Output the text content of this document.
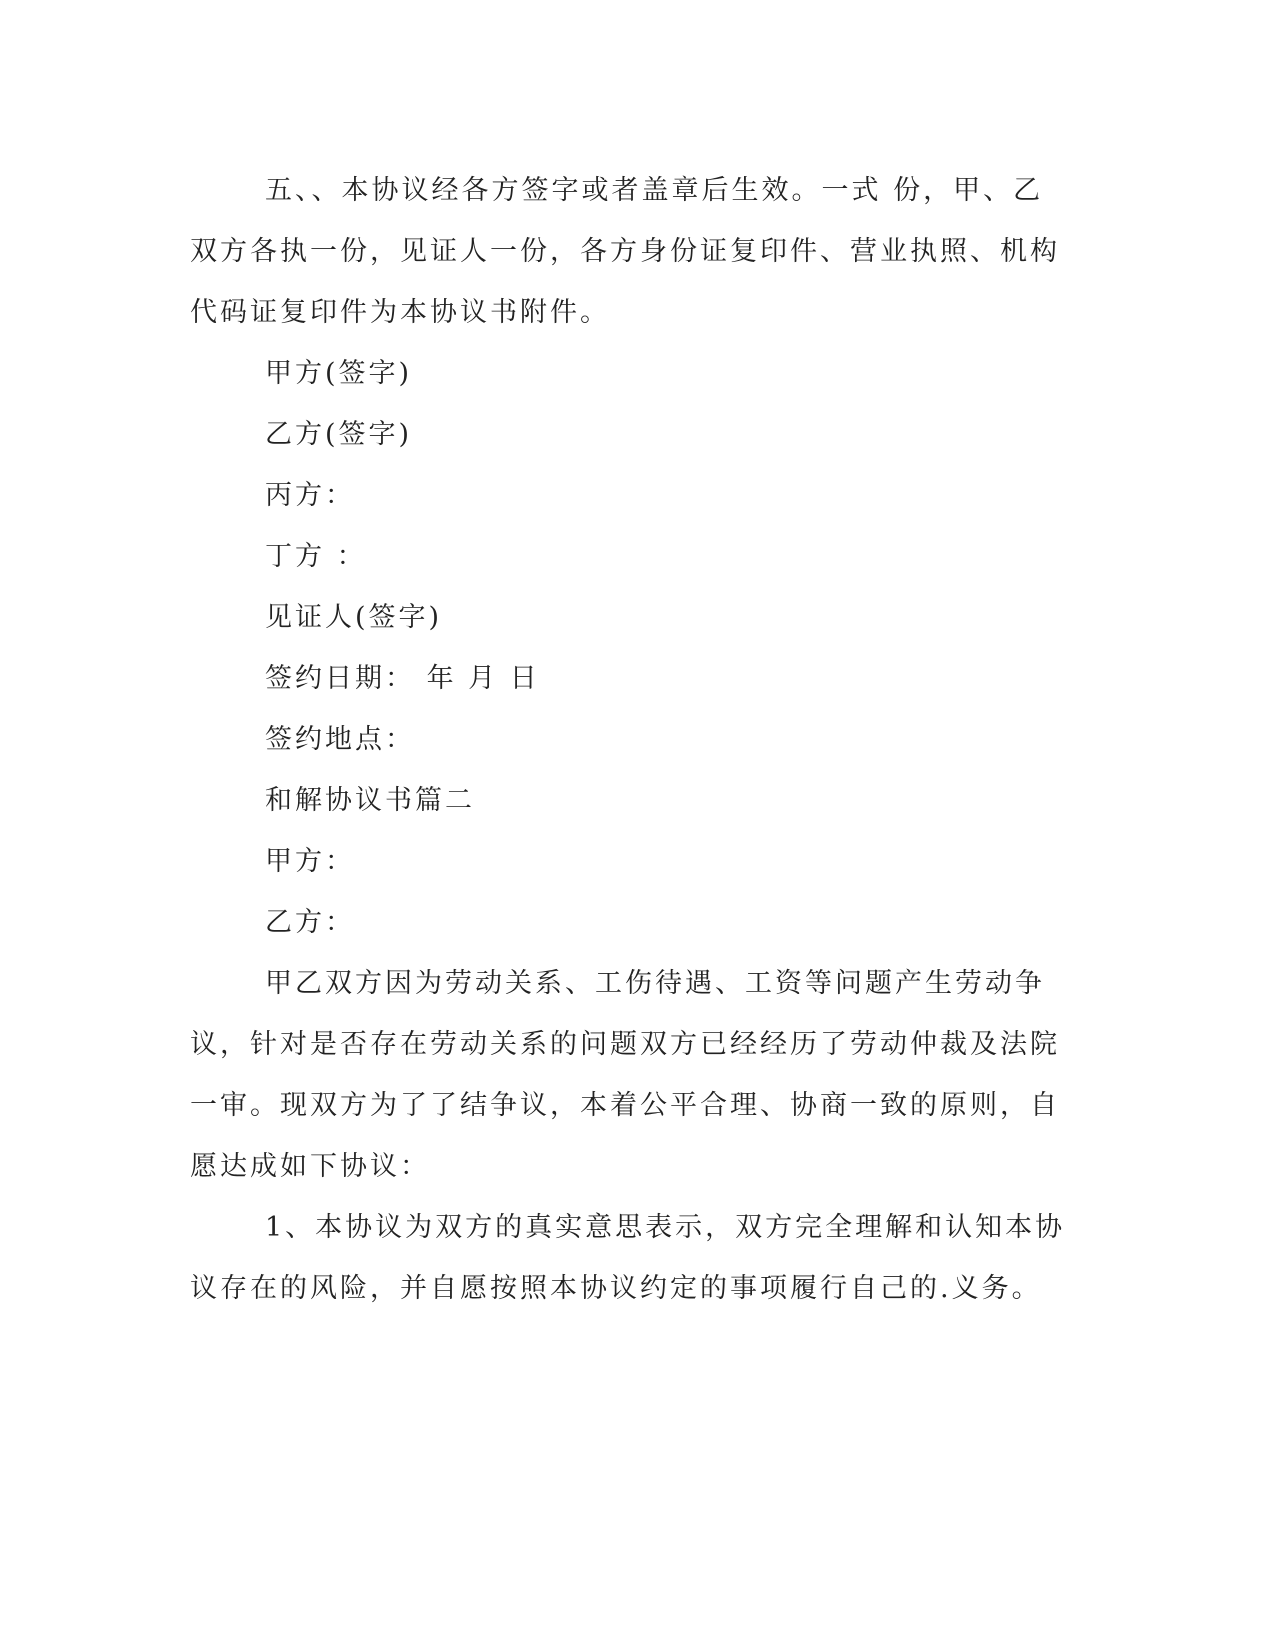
五、、本协议经各方签字或者盖章后生效。一式 份，甲、乙双方各执一份，见证人一份，各方身份证复印件、营业执照、机构代码证复印件为本协议书附件。

甲方(签字)

乙方(签字)

丙方：

丁方 ：

见证人(签字)

签约日期： 年 月 日

签约地点：

和解协议书篇二

甲方：

乙方：

甲乙双方因为劳动关系、工伤待遇、工资等问题产生劳动争议，针对是否存在劳动关系的问题双方已经经历了劳动仲裁及法院一审。现双方为了了结争议，本着公平合理、协商一致的原则，自愿达成如下协议：

1、本协议为双方的真实意思表示，双方完全理解和认知本协议存在的风险，并自愿按照本协议约定的事项履行自己的.义务。
